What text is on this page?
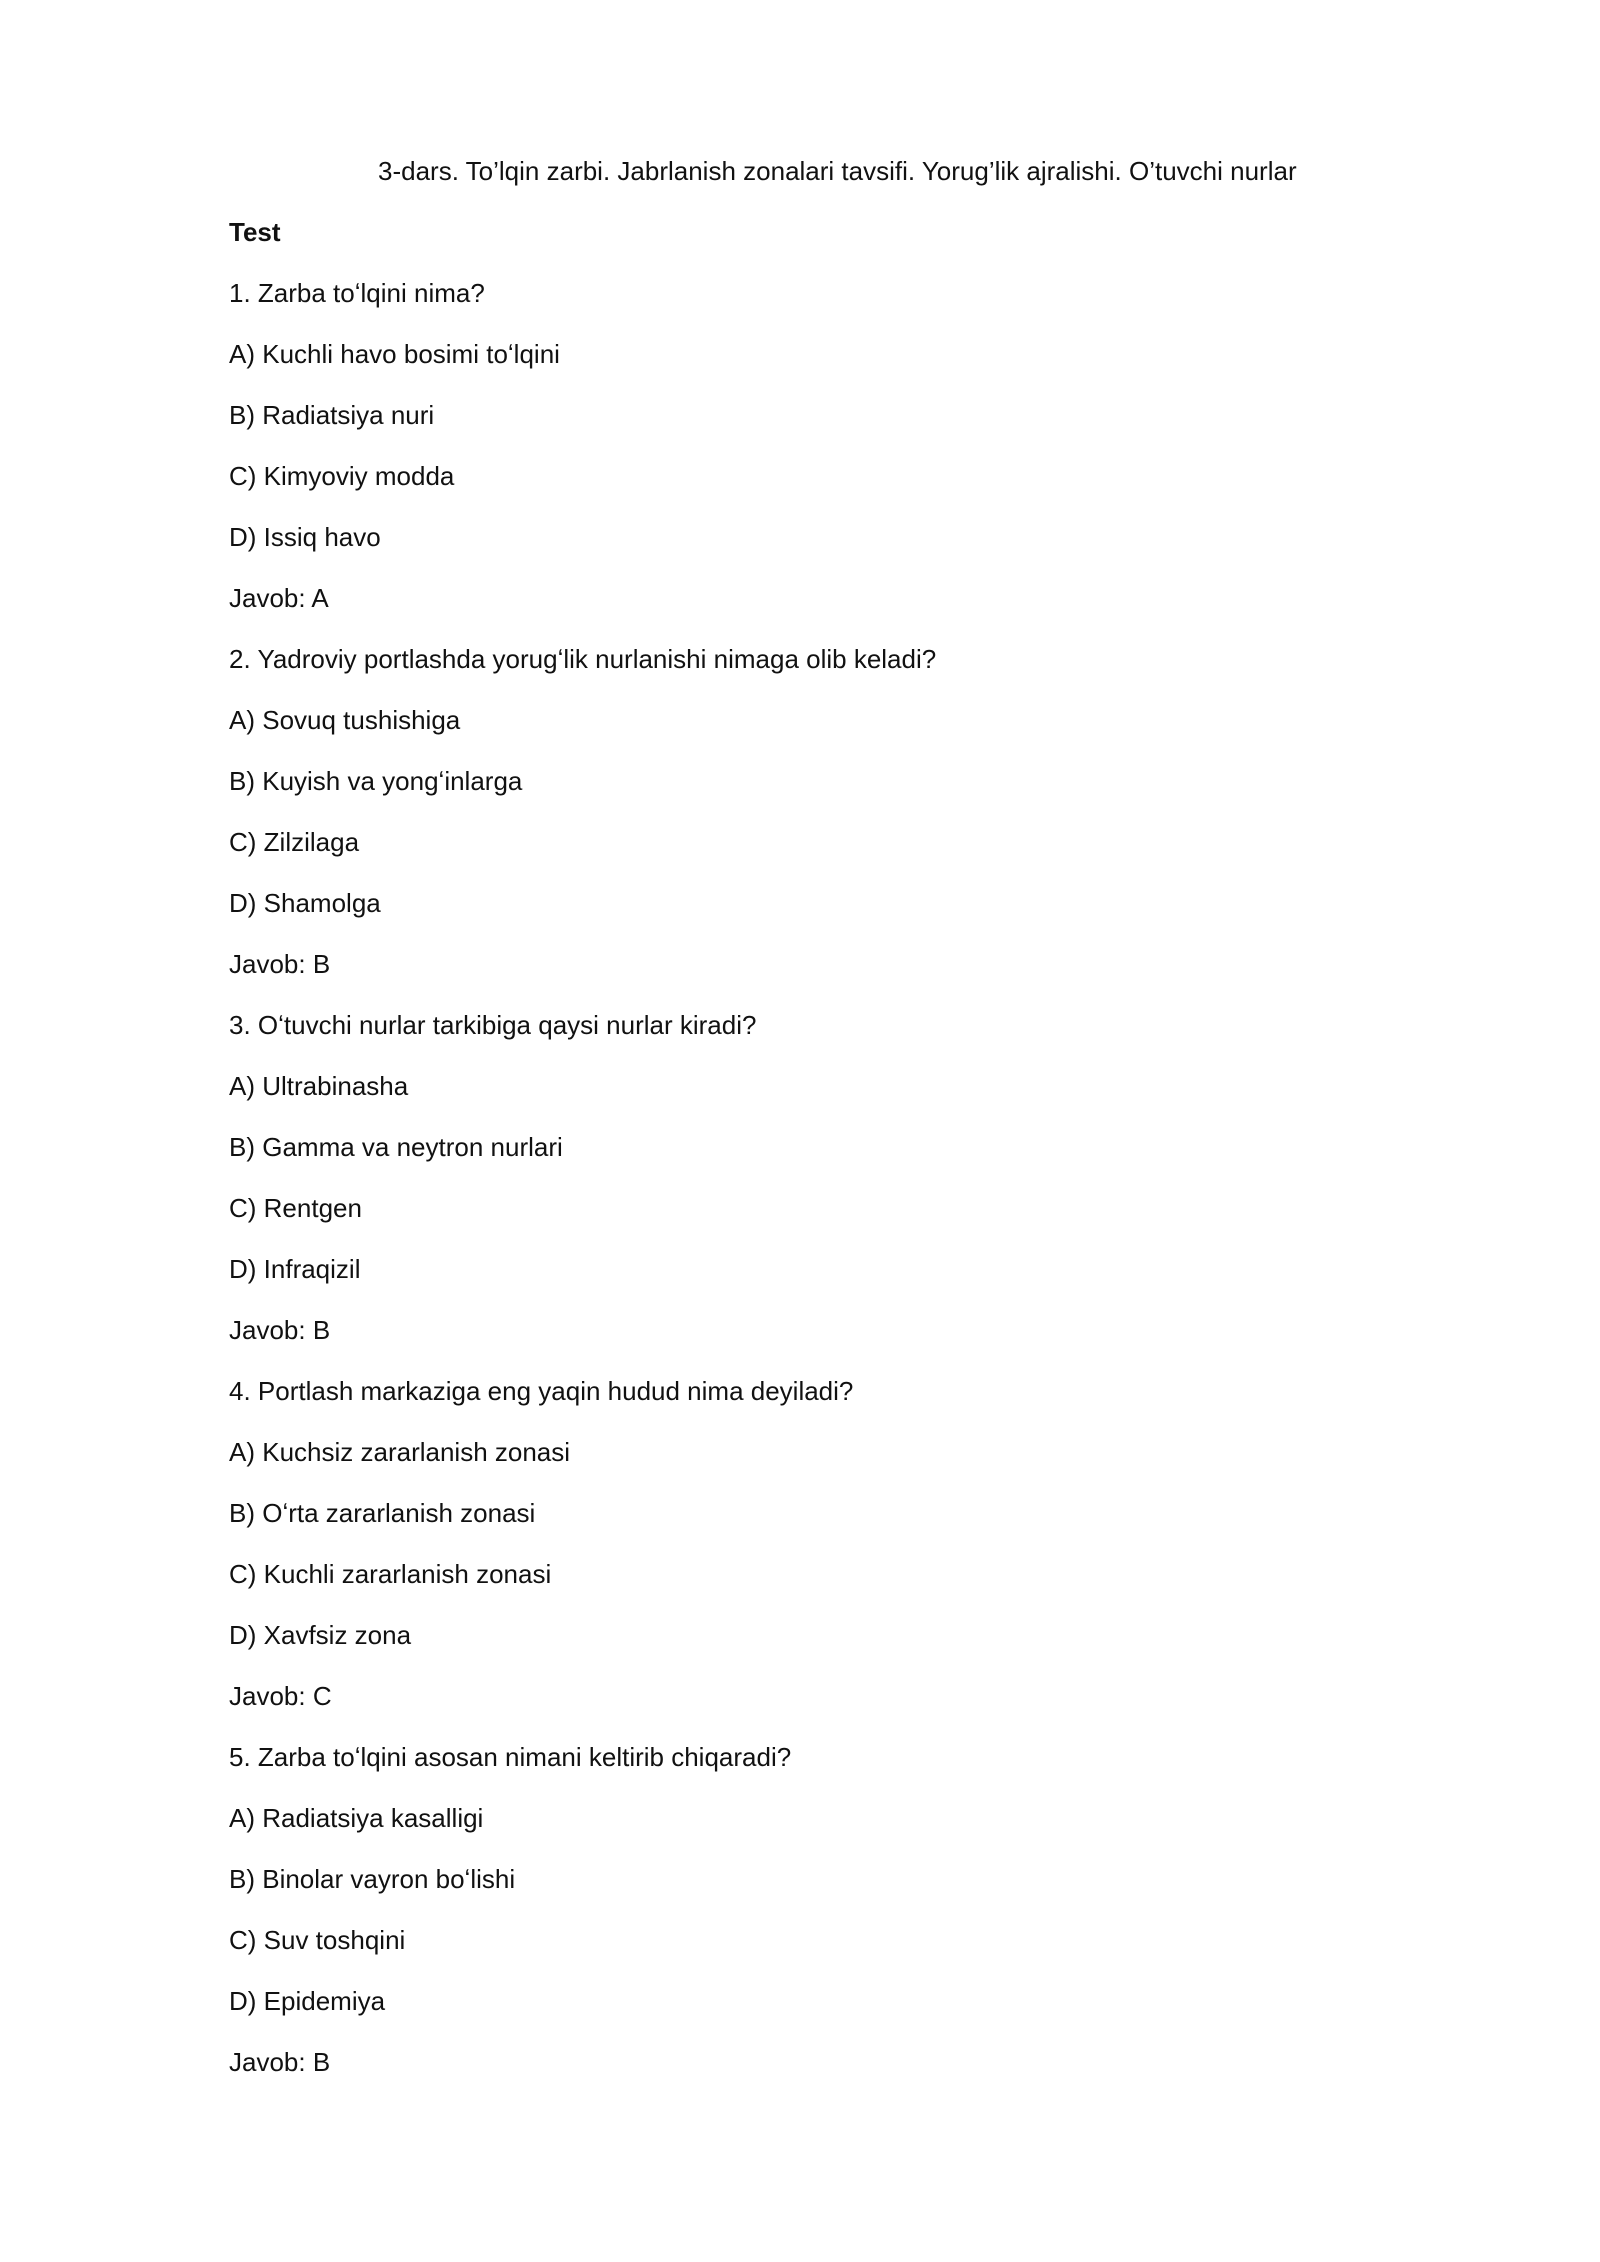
3-dars. To’lqin zarbi. Jabrlanish zonalari tavsifi. Yorug’lik ajralishi. O’tuvchi nurlar
Test
1. Zarba toʻlqini nima?
A) Kuchli havo bosimi toʻlqini
B) Radiatsiya nuri
C) Kimyoviy modda
D) Issiq havo
Javob: A
2. Yadroviy portlashda yorugʻlik nurlanishi nimaga olib keladi?
A) Sovuq tushishiga
B) Kuyish va yongʻinlarga
C) Zilzilaga
D) Shamolga
Javob: B
3. Oʻtuvchi nurlar tarkibiga qaysi nurlar kiradi?
A) Ultrabinasha
B) Gamma va neytron nurlari
C) Rentgen
D) Infraqizil
Javob: B
4. Portlash markaziga eng yaqin hudud nima deyiladi?
A) Kuchsiz zararlanish zonasi
B) Oʻrta zararlanish zonasi
C) Kuchli zararlanish zonasi
D) Xavfsiz zona
Javob: C
5. Zarba toʻlqini asosan nimani keltirib chiqaradi?
A) Radiatsiya kasalligi
B) Binolar vayron boʻlishi
C) Suv toshqini
D) Epidemiya
Javob: B
